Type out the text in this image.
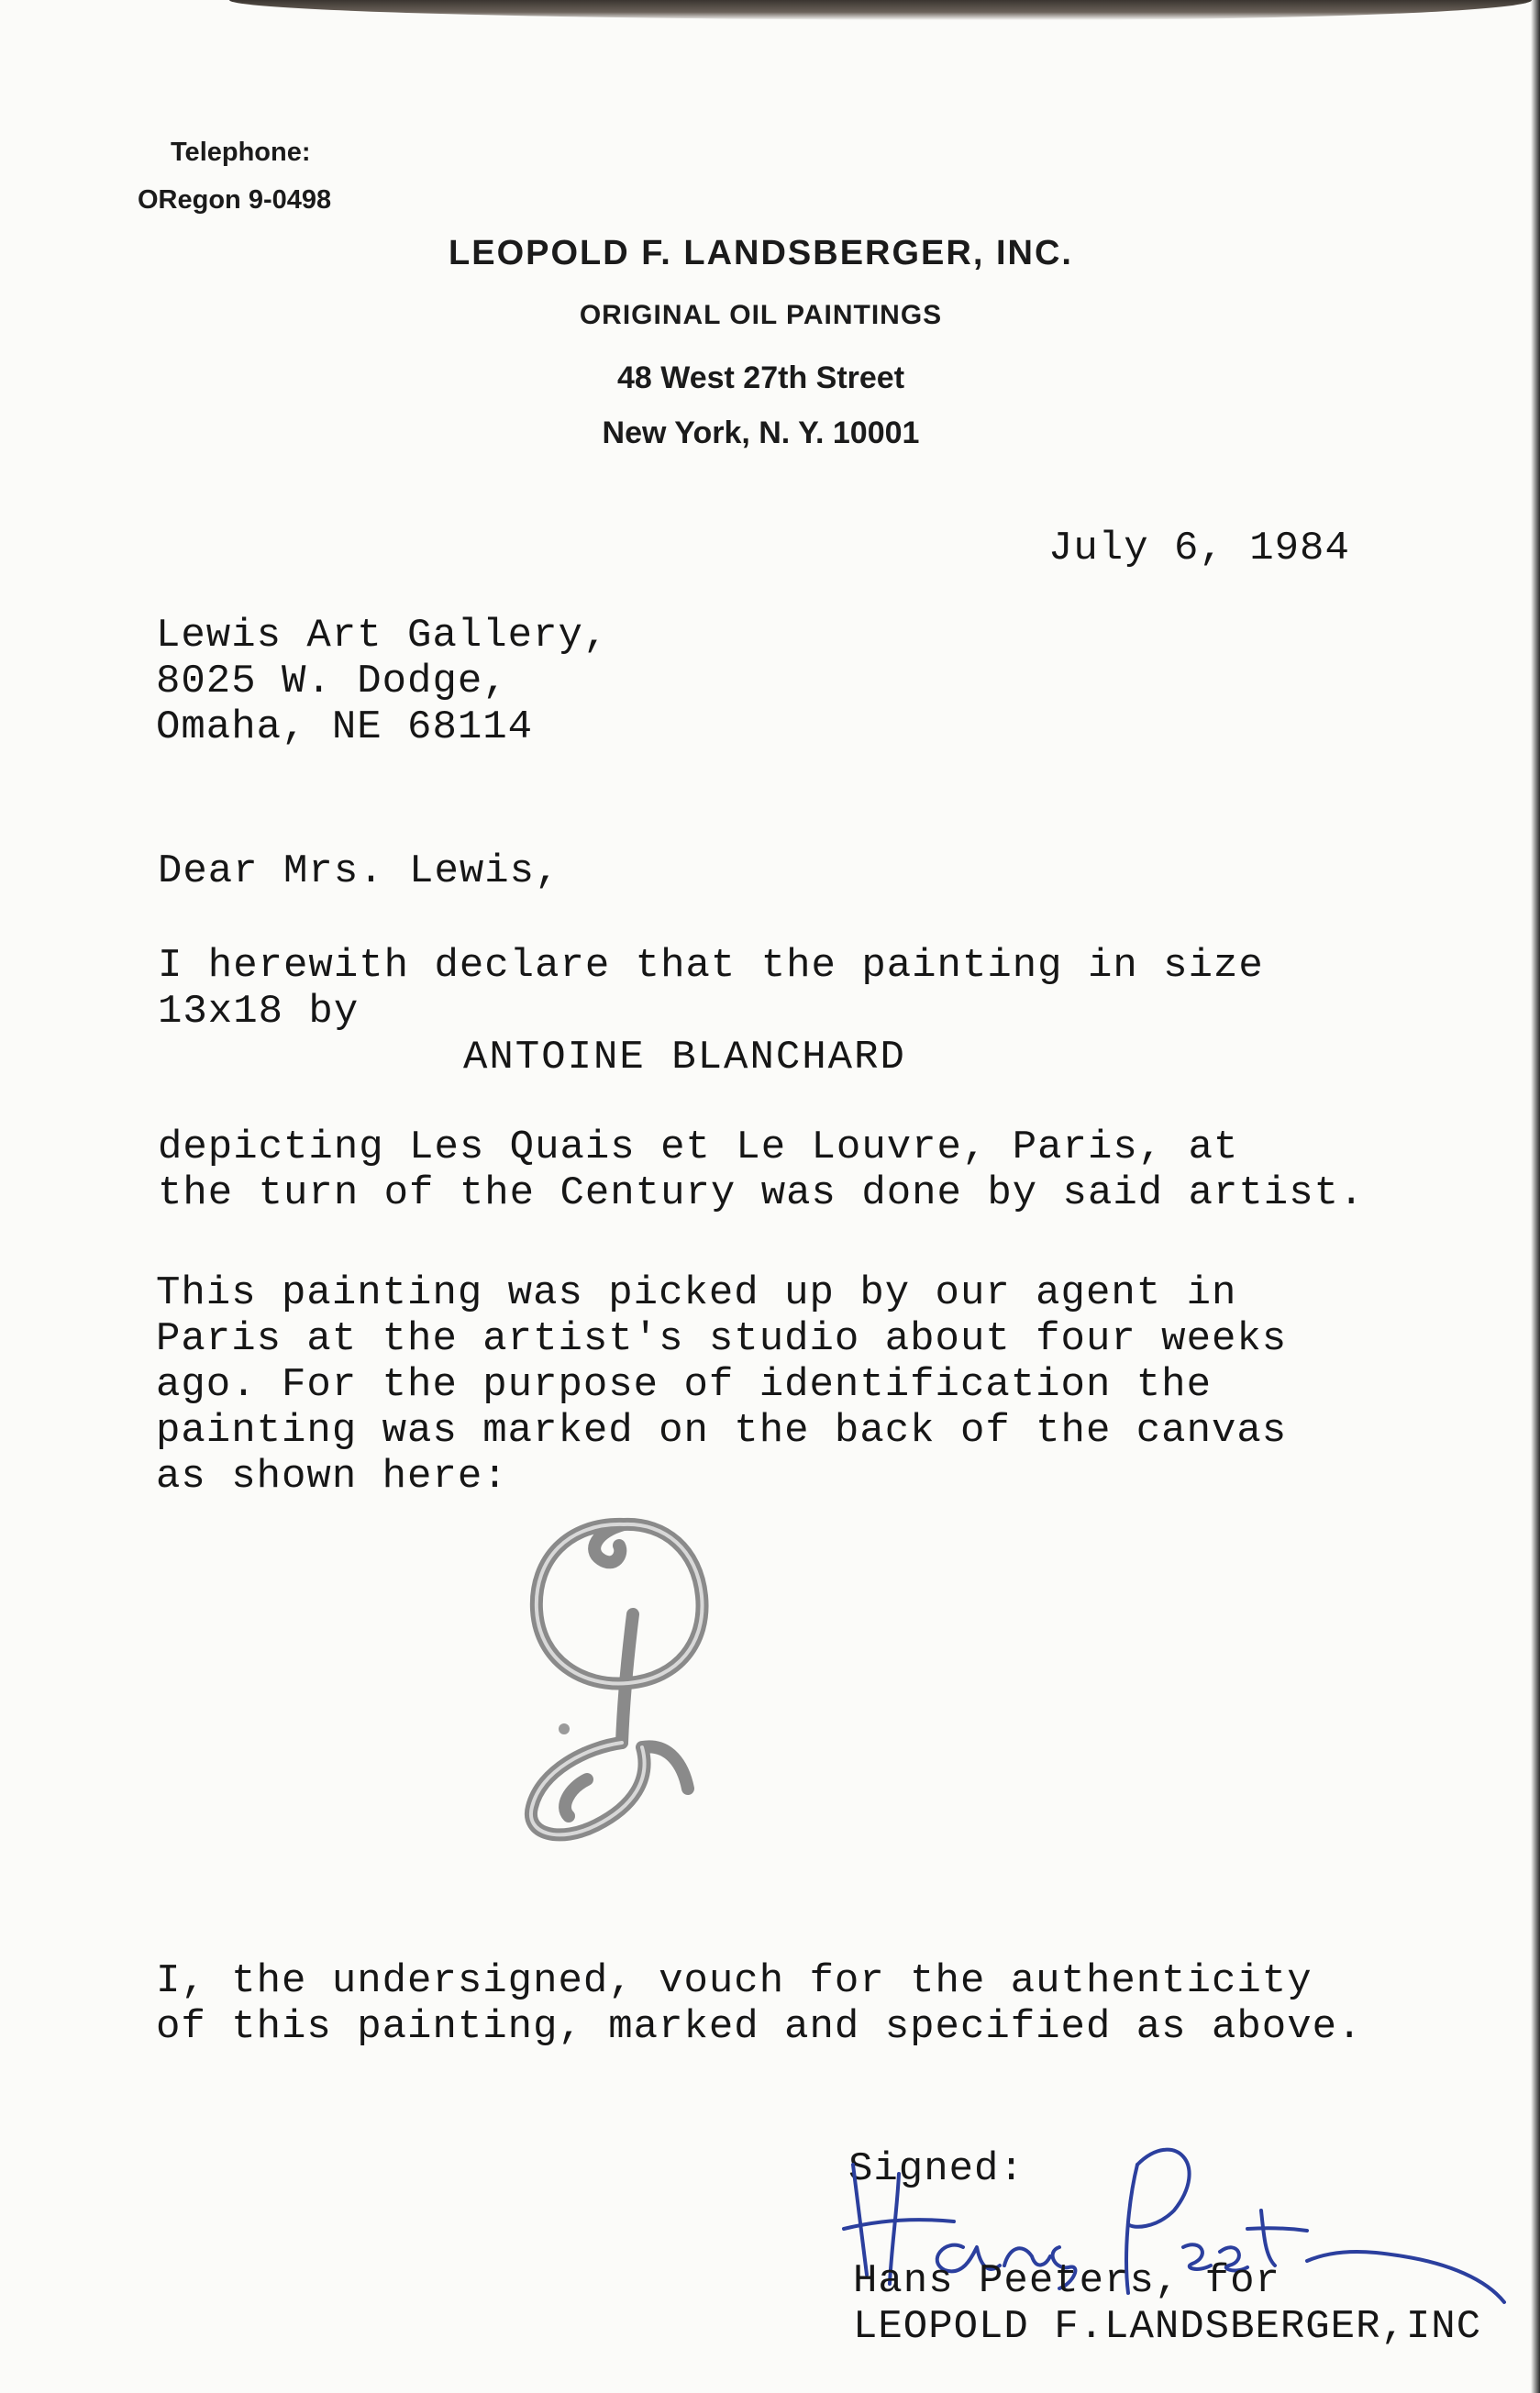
Telephone:
ORegon 9-0498
LEOPOLD F. LANDSBERGER, INC.
ORIGINAL OIL PAINTINGS
48 West 27th Street
New York, N. Y. 10001
July 6, 1984
Lewis Art Gallery,
8025 W. Dodge,
Omaha, NE 68114
Dear Mrs. Lewis,
I herewith declare that the painting in size
13x18 by
ANTOINE BLANCHARD
depicting Les Quais et Le Louvre, Paris, at
the turn of the Century was done by said artist.
This painting was picked up by our agent in
Paris at the artist's studio about four weeks
ago. For the purpose of identification the
painting was marked on the back of the canvas
as shown here:
I, the undersigned, vouch for the authenticity
of this painting, marked and specified as above.
Signed:
Hans Peeters, for
LEOPOLD F.LANDSBERGER,INC
